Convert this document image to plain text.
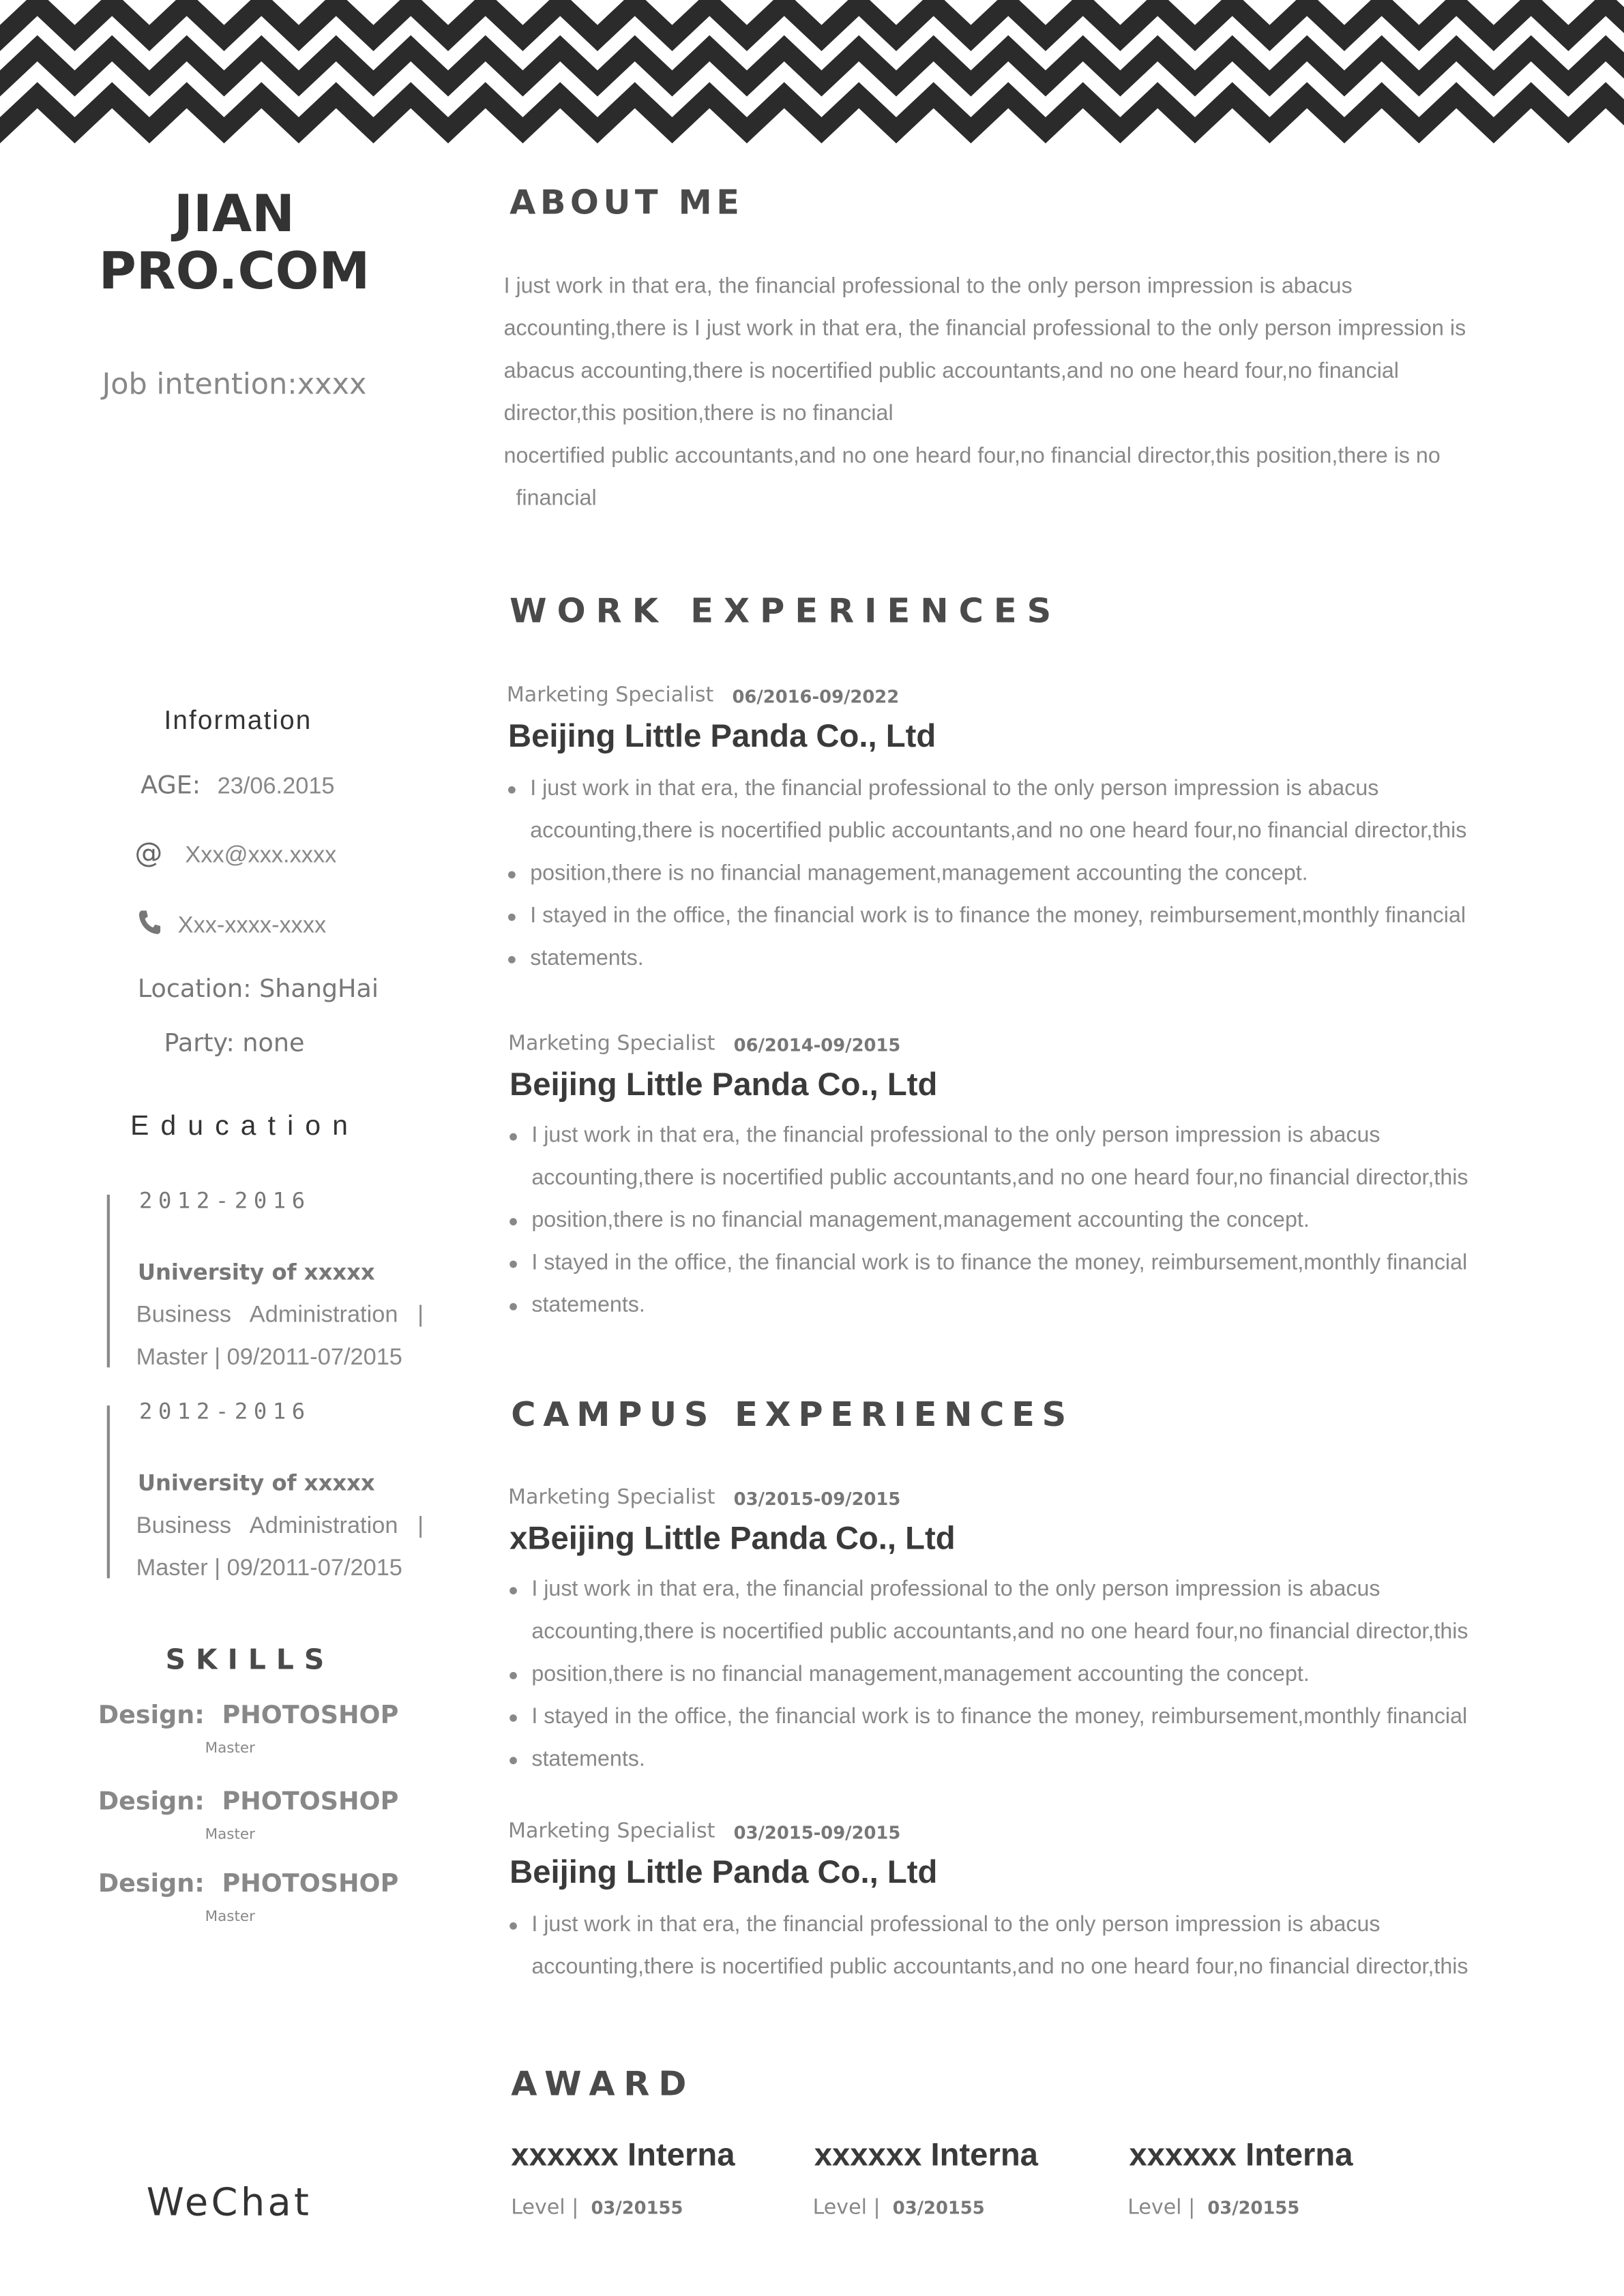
JIAN
PRO.COM
Job intention:xxxx
Information
AGE: 23/06.2015
@ Xxx@xxx.xxxx
Xxx-xxxx-xxxx
Location: ShangHai
Party: none
Education
2012-2016
University of xxxxx
Business   Administration   |
Master | 09/2011-07/2015
2012-2016
University of xxxxx
Business   Administration   |
Master | 09/2011-07/2015
SKILLS
Design: PHOTOSHOP
Master
Design: PHOTOSHOP
Master
Design: PHOTOSHOP
Master
WeChat
ABOUT ME

I just work in that era, the financial professional to the only person impression is abacus

accounting,there is I just work in that era, the financial professional to the only person impression is

abacus accounting,there is nocertified public accountants,and no one heard four,no financial

director,this position,there is no financial

nocertified public accountants,and no one heard four,no financial director,this position,there is no

financial

WORK EXPERIENCES
Marketing Specialist 06/2016-09/2022
Beijing Little Panda Co., Ltd
I just work in that era, the financial professional to the only person impression is abacus
accounting,there is nocertified public accountants,and no one heard four,no financial director,this
position,there is no financial management,management accounting the concept.
I stayed in the office, the financial work is to finance the money, reimbursement,monthly financial
statements.
Marketing Specialist 06/2014-09/2015
Beijing Little Panda Co., Ltd
I just work in that era, the financial professional to the only person impression is abacus
accounting,there is nocertified public accountants,and no one heard four,no financial director,this
position,there is no financial management,management accounting the concept.
I stayed in the office, the financial work is to finance the money, reimbursement,monthly financial
statements.
CAMPUS EXPERIENCES
Marketing Specialist 03/2015-09/2015
xBeijing Little Panda Co., Ltd
I just work in that era, the financial professional to the only person impression is abacus
accounting,there is nocertified public accountants,and no one heard four,no financial director,this
position,there is no financial management,management accounting the concept.
I stayed in the office, the financial work is to finance the money, reimbursement,monthly financial
statements.
Marketing Specialist 03/2015-09/2015
Beijing Little Panda Co., Ltd
I just work in that era, the financial professional to the only person impression is abacus
accounting,there is nocertified public accountants,and no one heard four,no financial director,this
AWARD
xxxxxx Interna
Level | 03/20155
xxxxxx Interna
Level | 03/20155
xxxxxx Interna
Level | 03/20155
